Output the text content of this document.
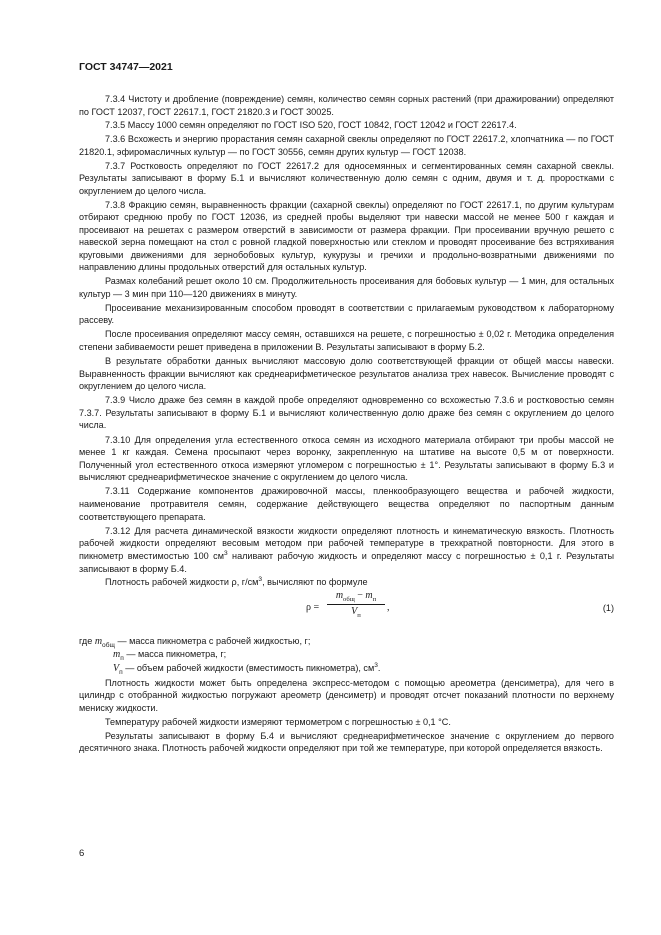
ГОСТ 34747—2021

7.3.4 Чистоту и дробление (повреждение) семян, количество семян сорных растений (при дражировании) определяют по ГОСТ 12037, ГОСТ 22617.1, ГОСТ 21820.3 и ГОСТ 30025.

7.3.5 Массу 1000 семян определяют по ГОСТ ISO 520, ГОСТ 10842, ГОСТ 12042 и ГОСТ 22617.4.

7.3.6 Всхожесть и энергию прорастания семян сахарной свеклы определяют по ГОСТ 22617.2, хлопчатника — по ГОСТ 21820.1, эфиромасличных культур — по ГОСТ 30556, семян других культур — ГОСТ 12038.

7.3.7 Ростковость определяют по ГОСТ 22617.2 для односемянных и сегментированных семян сахарной свеклы. Результаты записывают в форму Б.1 и вычисляют количественную долю семян с одним, двумя и т. д. проростками с округлением до целого числа.

7.3.8 Фракцию семян, выравненность фракции (сахарной свеклы) определяют по ГОСТ 22617.1, по другим культурам отбирают среднюю пробу по ГОСТ 12036, из средней пробы выделяют три навески массой не менее 500 г каждая и просеивают на решетах с размером отверстий в зависимости от размера фракции. При просеивании вручную решето с навеской зерна помещают на стол с ровной гладкой поверхностью или стеклом и проводят просеивание без встряхивания круговыми движениями для зернобобовых культур, кукурузы и гречихи и продольно-возвратными движениями по направлению длины продольных отверстий для остальных культур.

Размах колебаний решет около 10 см. Продолжительность просеивания для бобовых культур — 1 мин, для остальных культур — 3 мин при 110—120 движениях в минуту.

Просеивание механизированным способом проводят в соответствии с прилагаемым руководством к лабораторному рассеву.

После просеивания определяют массу семян, оставшихся на решете, с погрешностью ± 0,02 г. Методика определения степени забиваемости решет приведена в приложении В. Результаты записывают в форму Б.2.

В результате обработки данных вычисляют массовую долю соответствующей фракции от общей массы навески. Выравненность фракции вычисляют как среднеарифметическое результатов анализа трех навесок. Вычисление проводят с округлением до целого числа.

7.3.9 Число драже без семян в каждой пробе определяют одновременно со всхожестью 7.3.6 и ростковостью семян 7.3.7. Результаты записывают в форму Б.1 и вычисляют количественную долю драже без семян с округлением до целого числа.

7.3.10 Для определения угла естественного откоса семян из исходного материала отбирают три пробы массой не менее 1 кг каждая. Семена просыпают через воронку, закрепленную на штативе на высоте 0,5 м от поверхности. Полученный угол естественного откоса измеряют угломером с погрешностью ± 1°. Результаты записывают в форму Б.3 и вычисляют среднеарифметическое значение с округлением до целого числа.

7.3.11 Содержание компонентов дражировочной массы, пленкообразующего вещества и рабочей жидкости, наименование протравителя семян, содержание действующего вещества определяют по паспортным данным соответствующего препарата.

7.3.12 Для расчета динамической вязкости жидкости определяют плотность и кинематическую вязкость. Плотность рабочей жидкости определяют весовым методом при рабочей температуре в трехкратной повторности. Для этого в пикнометр вместимостью 100 $см^3$ наливают рабочую жидкость и определяют массу с погрешностью ± 0,1 г. Результаты записывают в форму Б.4.

Плотность рабочей жидкости ρ, $г/см^3$, вычисляют по формуле

ρ =
$m_{общ} - m_п$
$V_п$
,	(1)
где $m_{общ}$ — масса пикнометра с рабочей жидкостью, г;
$m_п$ — масса пикнометра, г;
$V_п$ — объем рабочей жидкости (вместимость пикнометра), $см^3$.

Плотность жидкости может быть определена экспресс-методом с помощью ареометра (денсиметра), для чего в цилиндр с отобранной жидкостью погружают ареометр (денсиметр) и проводят отсчет показаний плотности по верхнему мениску жидкости.

Температуру рабочей жидкости измеряют термометром с погрешностью ± 0,1 °С.

Результаты записывают в форму Б.4 и вычисляют среднеарифметическое значение с округлением до первого десятичного знака. Плотность рабочей жидкости определяют при той же температуре, при которой определяется вязкость.

6
